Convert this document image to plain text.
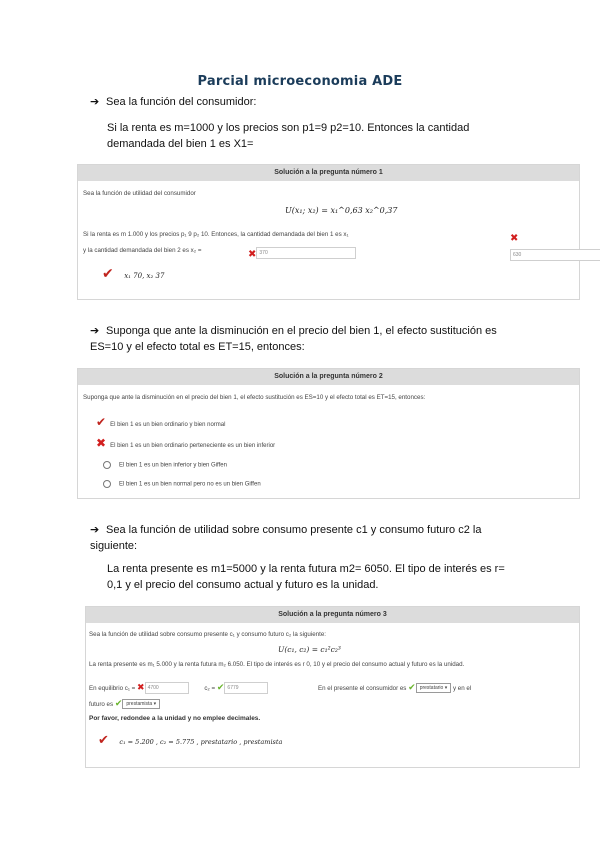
Parcial microeconomia ADE
➔ Sea la función del consumidor:
Si la renta es m=1000 y los precios son p1=9 p2=10. Entonces la cantidad demandada del bien 1 es X1=
Solución a la pregunta número 1
Sea la función de utilidad del consumidor
U(x₁; x₂) = x₁^0,63 x₂^0,37
Si la renta es m 1.000 y los precios p₁ 9 p₂ 10. Entonces, la cantidad demandada del bien 1 es x₁	✖630
y la cantidad demandada del bien 2 es x₂ =	✖ 370
✔ x₁ 70, x₂ 37
➔ Suponga que ante la disminución en el precio del bien 1, el efecto sustitución es ES=10 y el efecto total es ET=15, entonces:
Solución a la pregunta número 2
Suponga que ante la disminución en el precio del bien 1, el efecto sustitución es ES=10 y el efecto total es ET=15, entonces:
✔ El bien 1 es un bien ordinario y bien normal
✖ El bien 1 es un bien ordinario perteneciente es un bien inferior
El bien 1 es un bien inferior y bien Giffen
El bien 1 es un bien normal pero no es un bien Giffen
➔ Sea la función de utilidad sobre consumo presente c1 y consumo futuro c2 la siguiente:
La renta presente es m1=5000 y la renta futura m2= 6050. El tipo de interés es r= 0,1 y el precio del consumo actual y futuro es la unidad.
Solución a la pregunta número 3
Sea la función de utilidad sobre consumo presente c₁ y consumo futuro c₂ la siguiente:
U(c₁, c₂) = c₁²c₂³
La renta presente es m₁ 5.000 y la renta futura m₂ 6.050. El tipo de interés es r 0, 10 y el precio del consumo actual y futuro es la unidad.
En equilibrio c₁ = ✖ 4700	c₂ = ✔ 6779	En el presente el consumidor es ✔ prestatario ▾ y en el
futuro es ✔ prestamista ▾
Por favor, redondee a la unidad y no emplee decimales.
✔ c₁ = 5.200 , c₂ = 5.775 , prestatario , prestamista
